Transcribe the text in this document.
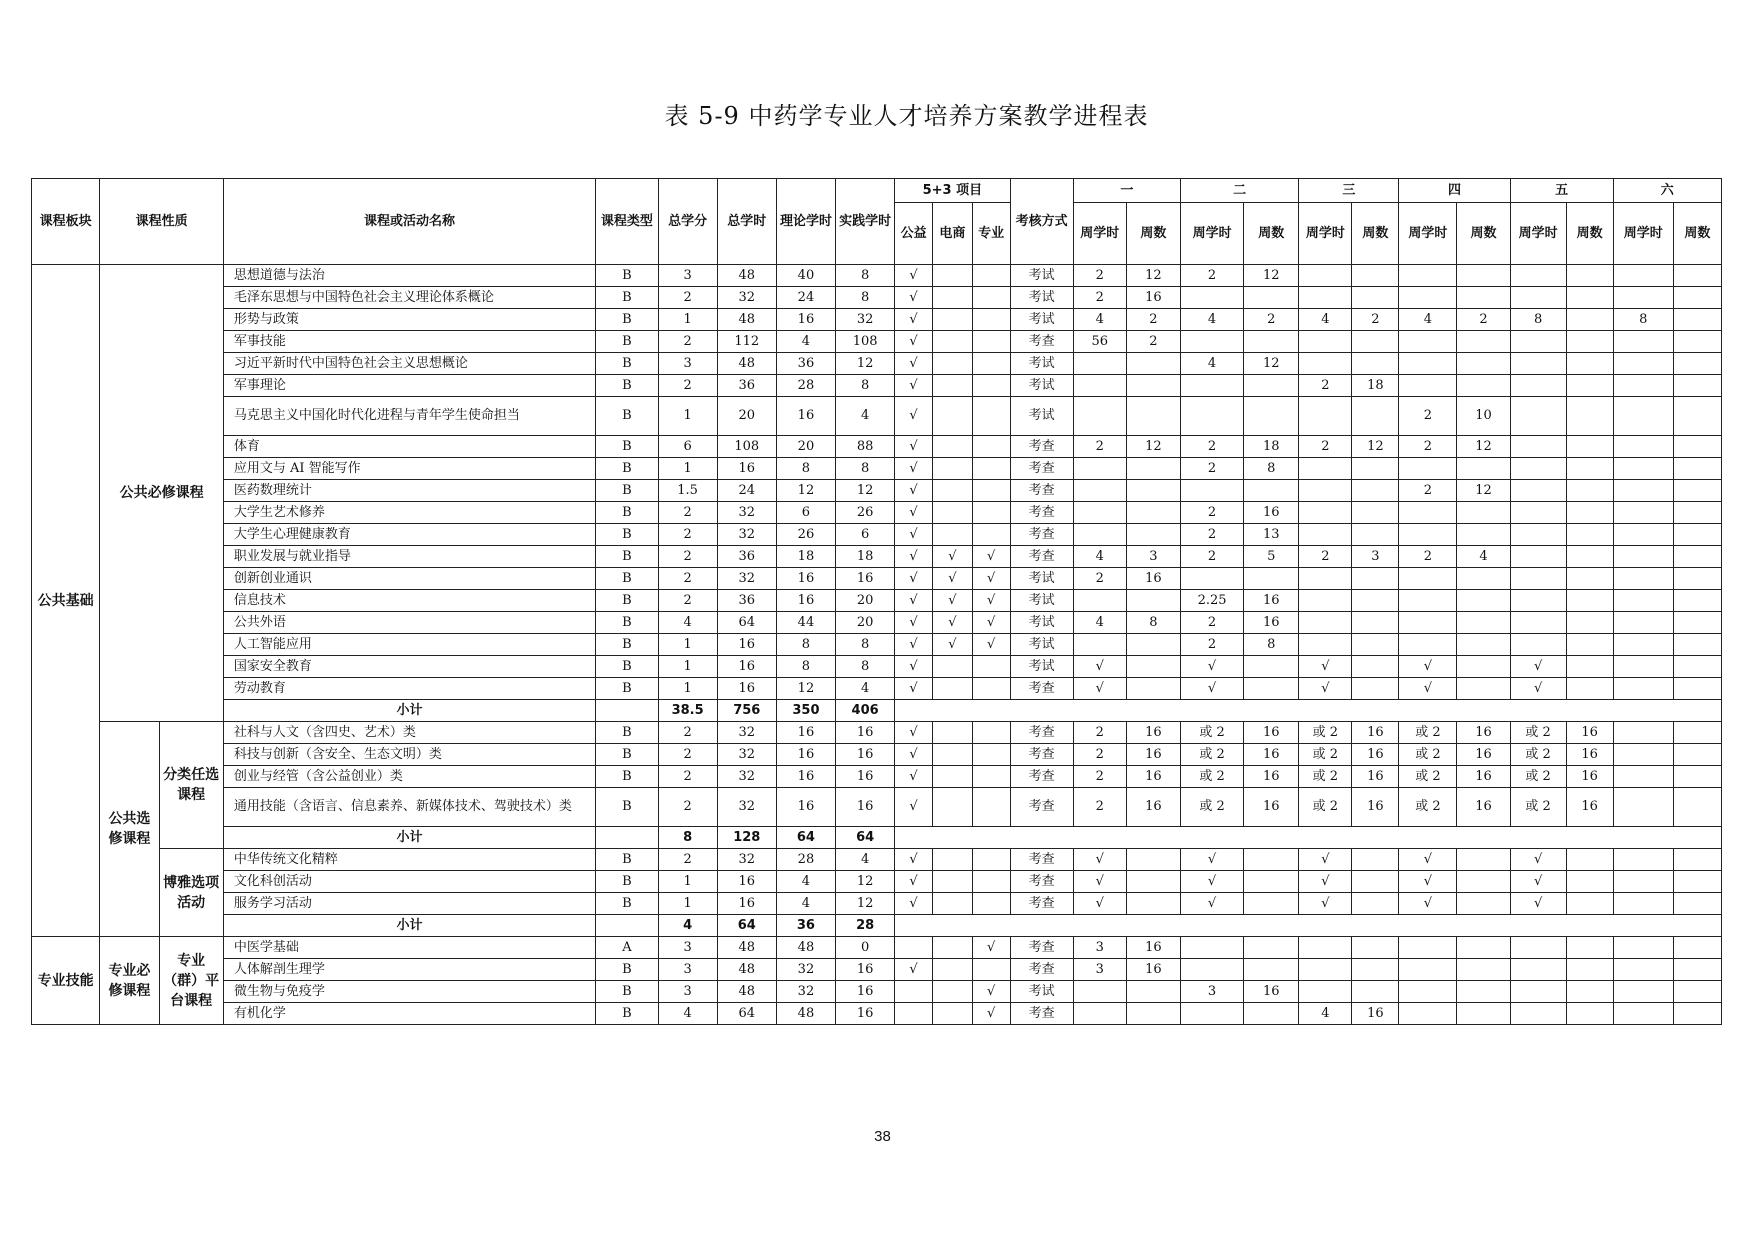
表 5-9 中药学专业人才培养方案教学进程表
课程板块	课程性质		课程或活动名称	课程类型	总学分	总学时	理论学时	实践学时	5+3 项目			考核方式	一		二		三		四		五		六	
									公益	电商	专业		周学时	周数	周学时	周数	周学时	周数	周学时	周数	周学时	周数	周学时	周数
公共基础	公共必修课程		思想道德与法治	B	3	48	40	8	√			考试	2	12	2	12								
			毛泽东思想与中国特色社会主义理论体系概论	B	2	32	24	8	√			考试	2	16										
			形势与政策	B	1	48	16	32	√			考试	4	2	4	2	4	2	4	2	8		8	
			军事技能	B	2	112	4	108	√			考查	56	2										
			习近平新时代中国特色社会主义思想概论	B	3	48	36	12	√			考试			4	12								
			军事理论	B	2	36	28	8	√			考试					2	18						
			马克思主义中国化时代化进程与青年学生使命担当	B	1	20	16	4	√			考试							2	10				
			体育	B	6	108	20	88	√			考查	2	12	2	18	2	12	2	12				
			应用文与 AI 智能写作	B	1	16	8	8	√			考查			2	8								
			医药数理统计	B	1.5	24	12	12	√			考查							2	12				
			大学生艺术修养	B	2	32	6	26	√			考查			2	16								
			大学生心理健康教育	B	2	32	26	6	√			考查			2	13								
			职业发展与就业指导	B	2	36	18	18	√	√	√	考查	4	3	2	5	2	3	2	4				
			创新创业通识	B	2	32	16	16	√	√	√	考试	2	16										
			信息技术	B	2	36	16	20	√	√	√	考试			2.25	16								
			公共外语	B	4	64	44	20	√	√	√	考试	4	8	2	16								
			人工智能应用	B	1	16	8	8	√	√	√	考试			2	8								
			国家安全教育	B	1	16	8	8	√			考试	√		√		√		√		√			
			劳动教育	B	1	16	12	4	√			考查	√		√		√		√		√			
			小计		38.5	756	350	406																
	公共选修课程	分类任选课程	社科与人文（含四史、艺术）类	B	2	32	16	16	√			考查	2	16	或 2	16	或 2	16	或 2	16	或 2	16		
			科技与创新（含安全、生态文明）类	B	2	32	16	16	√			考查	2	16	或 2	16	或 2	16	或 2	16	或 2	16		
			创业与经管（含公益创业）类	B	2	32	16	16	√			考查	2	16	或 2	16	或 2	16	或 2	16	或 2	16		
			通用技能（含语言、信息素养、新媒体技术、驾驶技术）类	B	2	32	16	16	√			考查	2	16	或 2	16	或 2	16	或 2	16	或 2	16		
			小计		8	128	64	64																
		博雅选项活动	中华传统文化精粹	B	2	32	28	4	√			考查	√		√		√		√		√			
			文化科创活动	B	1	16	4	12	√			考查	√		√		√		√		√			
			服务学习活动	B	1	16	4	12	√			考查	√		√		√		√		√			
			小计		4	64	36	28																
专业技能	专业必修课程	专业（群）平台课程	中医学基础	A	3	48	48	0			√	考查	3	16										
			人体解剖生理学	B	3	48	32	16	√			考查	3	16										
			微生物与免疫学	B	3	48	32	16			√	考试			3	16								
			有机化学	B	4	64	48	16			√	考查					4	16						
38
